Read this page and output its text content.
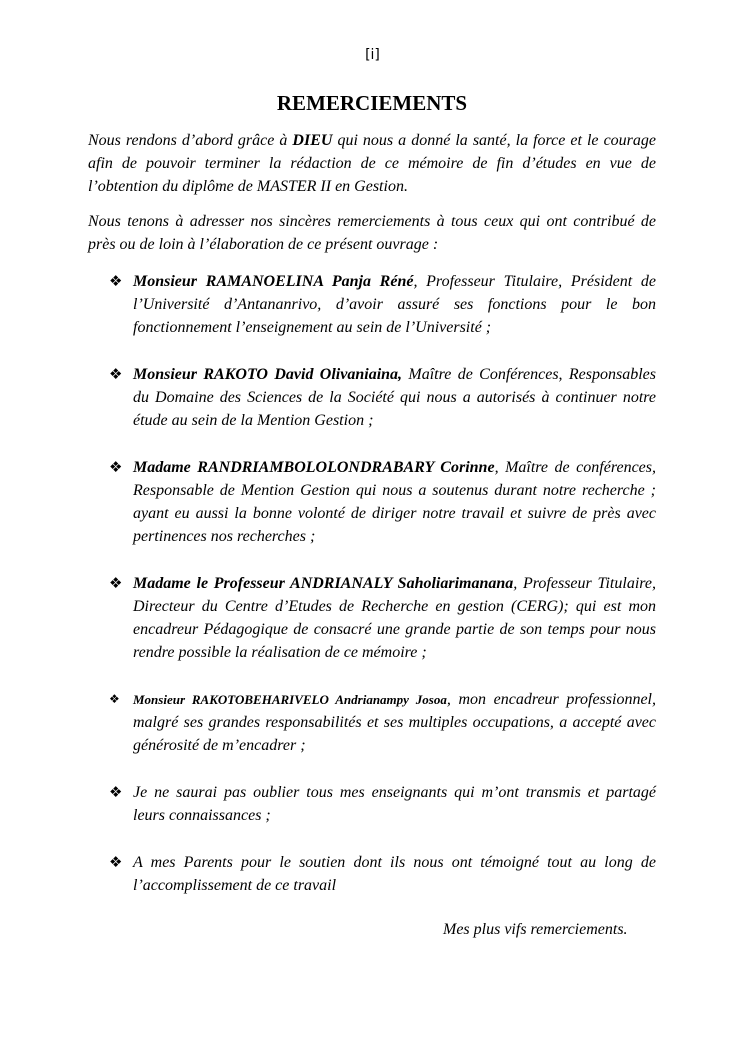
[i]
REMERCIEMENTS

Nous rendons d’abord grâce à DIEU qui nous a donné la santé, la force et le courage afin de pouvoir terminer la rédaction de ce mémoire de fin d’études en vue de l’obtention du diplôme de MASTER II en Gestion.

Nous tenons à adresser nos sincères remerciements à tous ceux qui ont contribué de près ou de loin à l’élaboration de ce présent ouvrage :

❖ Monsieur RAMANOELINA Panja Réné, Professeur Titulaire, Président de l’Université d’Antananrivo, d’avoir assuré ses fonctions pour le bon fonctionnement l’enseignement au sein de l’Université ;
❖ Monsieur RAKOTO David Olivaniaina, Maître de Conférences, Responsables du Domaine des Sciences de la Société qui nous a autorisés à continuer notre étude au sein de la Mention Gestion ;
❖ Madame RANDRIAMBOLOLONDRABARY Corinne, Maître de conférences, Responsable de Mention Gestion qui nous a soutenus durant notre recherche ; ayant eu aussi la bonne volonté de diriger notre travail et suivre de près avec pertinences nos recherches ;
❖ Madame le Professeur ANDRIANALY Saholiarimanana, Professeur Titulaire, Directeur du Centre d’Etudes de Recherche en gestion (CERG); qui est mon encadreur Pédagogique de consacré une grande partie de son temps pour nous rendre possible la réalisation de ce mémoire ;
❖ Monsieur RAKOTOBEHARIVELO Andrianampy Josoa, mon encadreur professionnel, malgré ses grandes responsabilités et ses multiples occupations, a accepté avec générosité de m’encadrer ;
❖ Je ne saurai pas oublier tous mes enseignants qui m’ont transmis et partagé leurs connaissances ;
❖ A mes Parents pour le soutien dont ils nous ont témoigné tout au long de l’accomplissement de ce travail

Mes plus vifs remerciements.
